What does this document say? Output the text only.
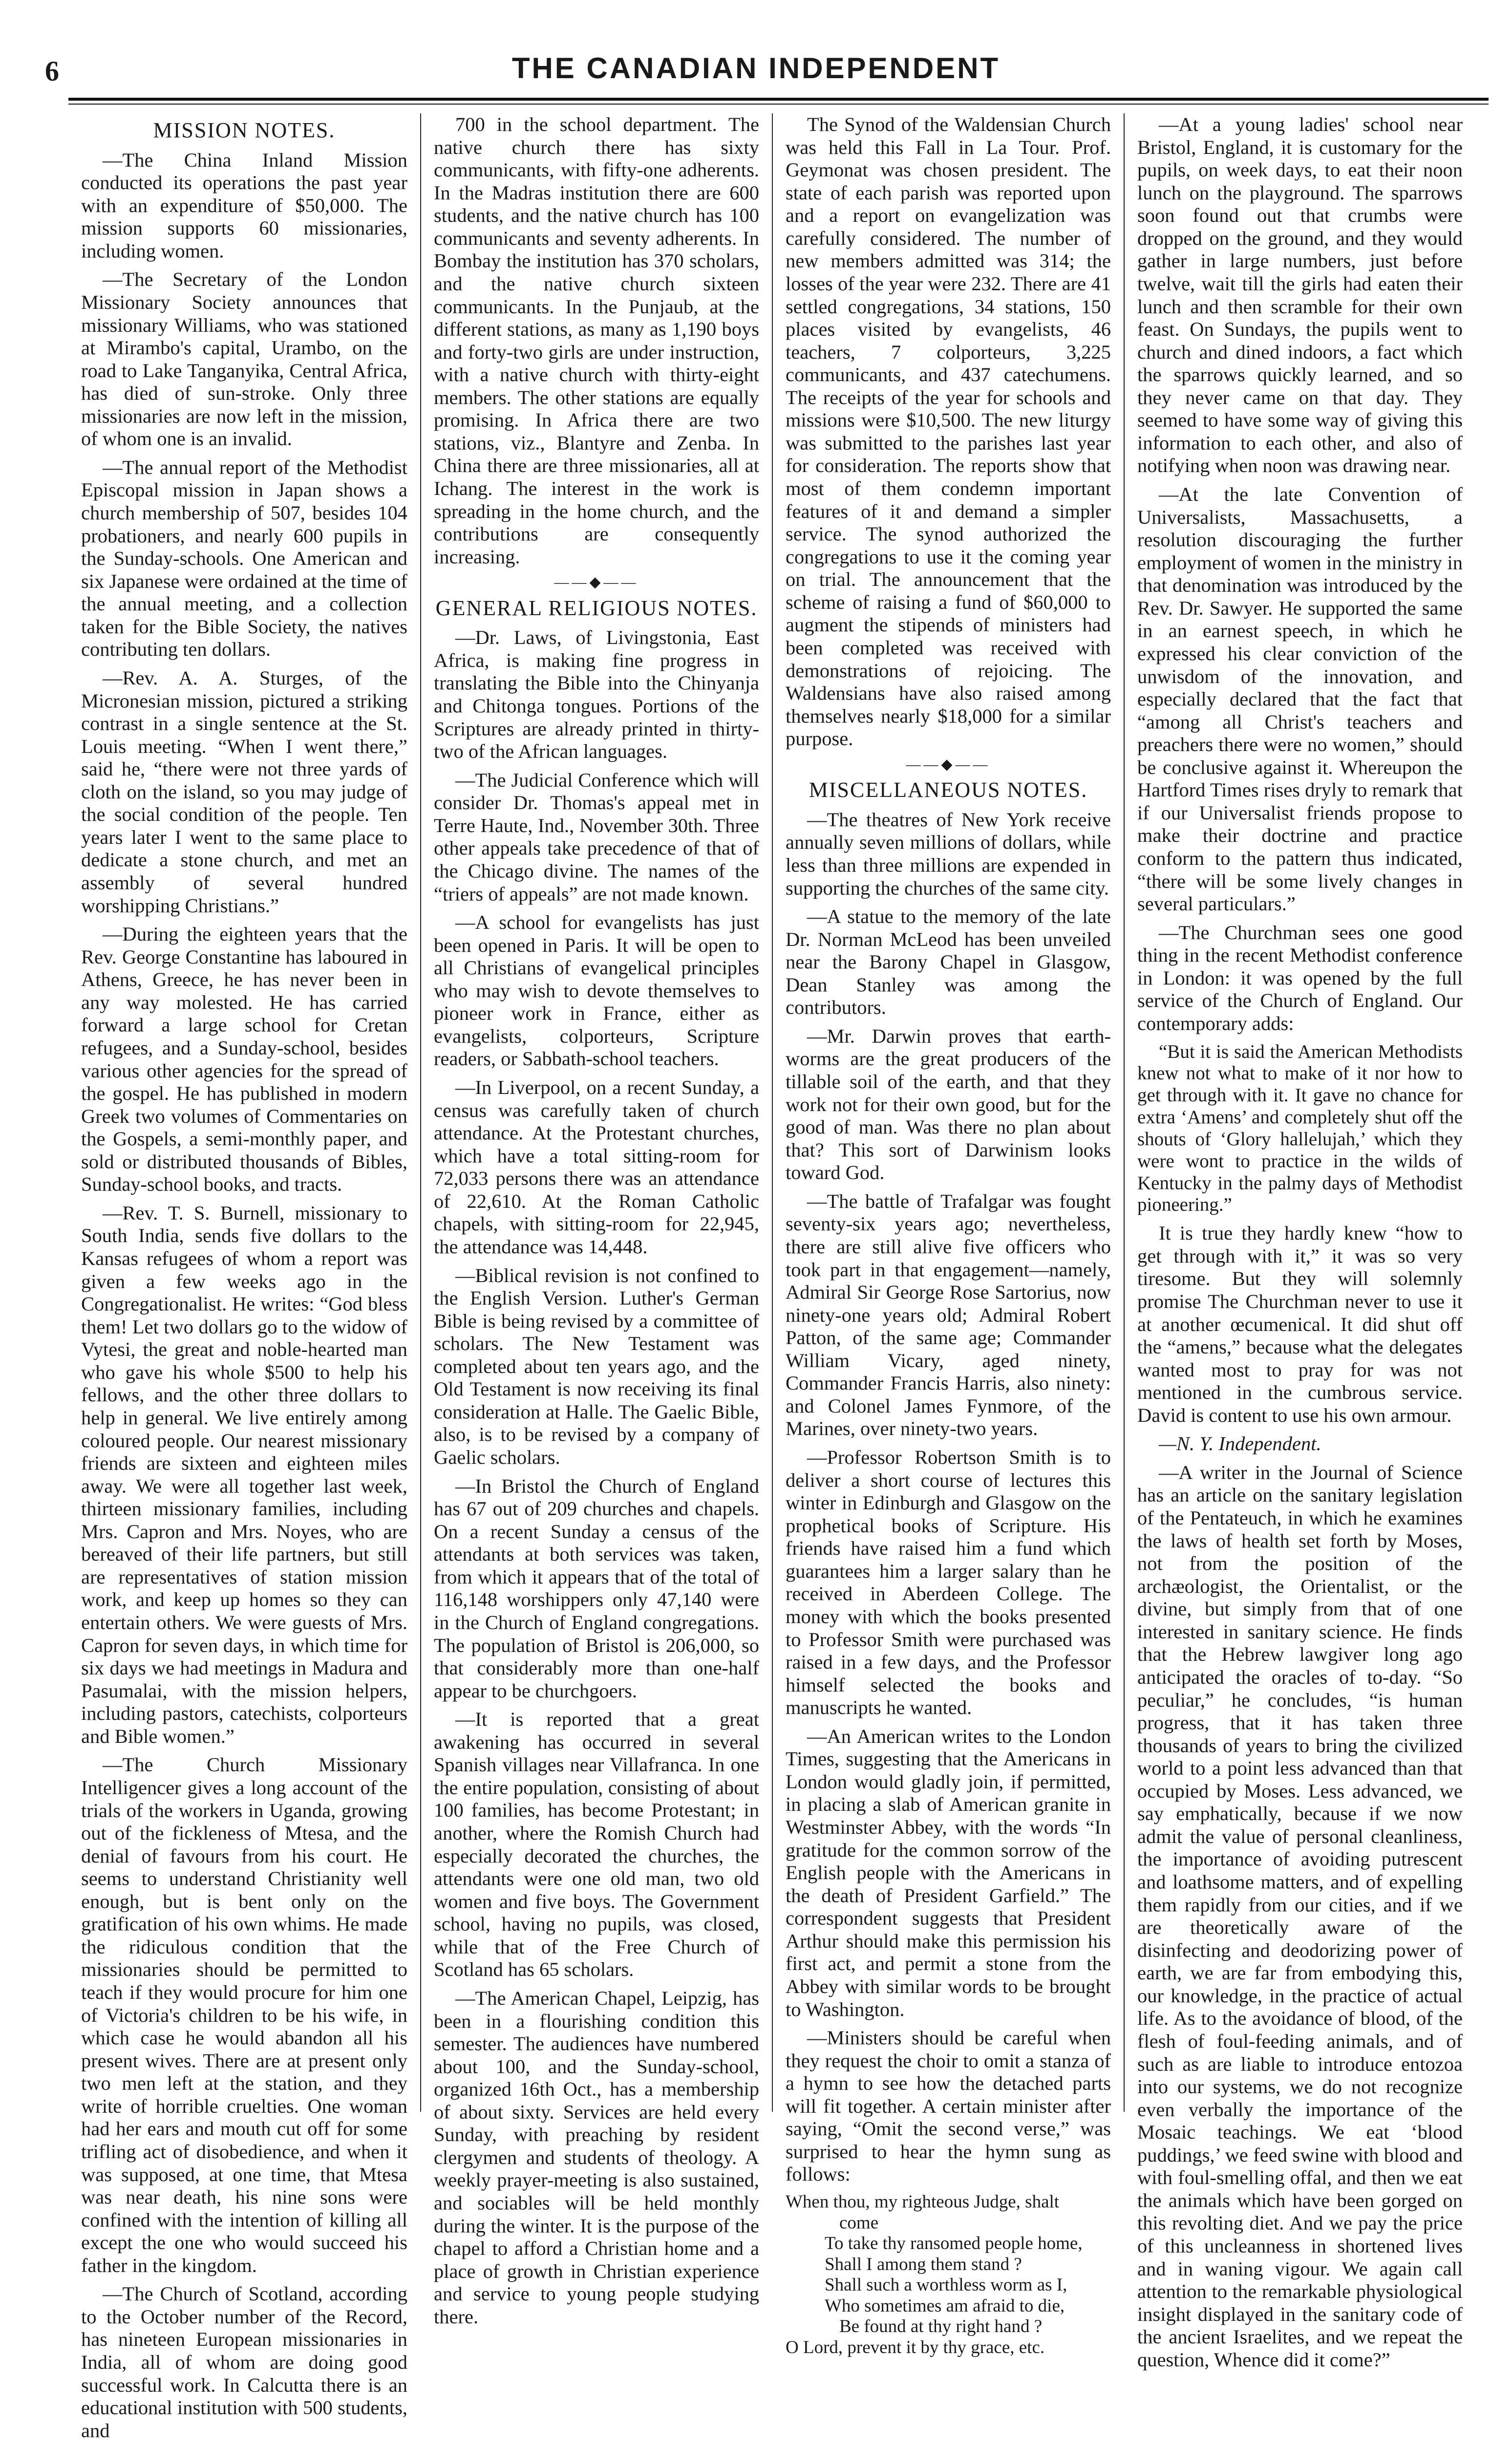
6	THE CANADIAN INDEPENDENT
MISSION NOTES.

—The China Inland Mission conducted its operations the past year with an expenditure of $50,000. The mission supports 60 missionaries, including women.

—The Secretary of the London Missionary Society announces that missionary Williams, who was stationed at Mirambo's capital, Urambo, on the road to Lake Tanganyika, Central Africa, has died of sun-stroke. Only three missionaries are now left in the mission, of whom one is an invalid.

—The annual report of the Methodist Episcopal mission in Japan shows a church membership of 507, besides 104 probationers, and nearly 600 pupils in the Sunday-schools. One American and six Japanese were ordained at the time of the annual meeting, and a collection taken for the Bible Society, the natives contributing ten dollars.

—Rev. A. A. Sturges, of the Micronesian mission, pictured a striking contrast in a single sentence at the St. Louis meeting. “When I went there,” said he, “there were not three yards of cloth on the island, so you may judge of the social condition of the people. Ten years later I went to the same place to dedicate a stone church, and met an assembly of several hundred worshipping Christians.”

—During the eighteen years that the Rev. George Constantine has laboured in Athens, Greece, he has never been in any way molested. He has carried forward a large school for Cretan refugees, and a Sunday-school, besides various other agencies for the spread of the gospel. He has published in modern Greek two volumes of Commentaries on the Gospels, a semi-monthly paper, and sold or distributed thousands of Bibles, Sunday-school books, and tracts.

—Rev. T. S. Burnell, missionary to South India, sends five dollars to the Kansas refugees of whom a report was given a few weeks ago in the Congregationalist. He writes: “God bless them! Let two dollars go to the widow of Vytesi, the great and noble-hearted man who gave his whole $500 to help his fellows, and the other three dollars to help in general. We live entirely among coloured people. Our nearest missionary friends are sixteen and eighteen miles away. We were all together last week, thirteen missionary families, including Mrs. Capron and Mrs. Noyes, who are bereaved of their life partners, but still are representatives of station mission work, and keep up homes so they can entertain others. We were guests of Mrs. Capron for seven days, in which time for six days we had meetings in Madura and Pasumalai, with the mission helpers, including pastors, catechists, colporteurs and Bible women.”

—The Church Missionary Intelligencer gives a long account of the trials of the workers in Uganda, growing out of the fickleness of Mtesa, and the denial of favours from his court. He seems to understand Christianity well enough, but is bent only on the gratification of his own whims. He made the ridiculous condition that the missionaries should be permitted to teach if they would procure for him one of Victoria's children to be his wife, in which case he would abandon all his present wives. There are at present only two men left at the station, and they write of horrible cruelties. One woman had her ears and mouth cut off for some trifling act of disobedience, and when it was supposed, at one time, that Mtesa was near death, his nine sons were confined with the intention of killing all except the one who would succeed his father in the kingdom.

—The Church of Scotland, according to the October number of the Record, has nineteen European missionaries in India, all of whom are doing good successful work. In Calcutta there is an educational institution with 500 students, and

700 in the school department. The native church there has sixty communicants, with fifty-one adherents. In the Madras institution there are 600 students, and the native church has 100 communicants and seventy adherents. In Bombay the institution has 370 scholars, and the native church sixteen communicants. In the Punjaub, at the different stations, as many as 1,190 boys and forty-two girls are under instruction, with a native church with thirty-eight members. The other stations are equally promising. In Africa there are two stations, viz., Blantyre and Zenba. In China there are three missionaries, all at Ichang. The interest in the work is spreading in the home church, and the contributions are consequently increasing.

——◆——
GENERAL RELIGIOUS NOTES.

—Dr. Laws, of Livingstonia, East Africa, is making fine progress in translating the Bible into the Chinyanja and Chitonga tongues. Portions of the Scriptures are already printed in thirty-two of the African languages.

—The Judicial Conference which will consider Dr. Thomas's appeal met in Terre Haute, Ind., November 30th. Three other appeals take precedence of that of the Chicago divine. The names of the “triers of appeals” are not made known.

—A school for evangelists has just been opened in Paris. It will be open to all Christians of evangelical principles who may wish to devote themselves to pioneer work in France, either as evangelists, colporteurs, Scripture readers, or Sabbath-school teachers.

—In Liverpool, on a recent Sunday, a census was carefully taken of church attendance. At the Protestant churches, which have a total sitting-room for 72,033 persons there was an attendance of 22,610. At the Roman Catholic chapels, with sitting-room for 22,945, the attendance was 14,448.

—Biblical revision is not confined to the English Version. Luther's German Bible is being revised by a committee of scholars. The New Testament was completed about ten years ago, and the Old Testament is now receiving its final consideration at Halle. The Gaelic Bible, also, is to be revised by a company of Gaelic scholars.

—In Bristol the Church of England has 67 out of 209 churches and chapels. On a recent Sunday a census of the attendants at both services was taken, from which it appears that of the total of 116,148 worshippers only 47,140 were in the Church of England congregations. The population of Bristol is 206,000, so that considerably more than one-half appear to be churchgoers.

—It is reported that a great awakening has occurred in several Spanish villages near Villafranca. In one the entire population, consisting of about 100 families, has become Protestant; in another, where the Romish Church had especially decorated the churches, the attendants were one old man, two old women and five boys. The Government school, having no pupils, was closed, while that of the Free Church of Scotland has 65 scholars.

—The American Chapel, Leipzig, has been in a flourishing condition this semester. The audiences have numbered about 100, and the Sunday-school, organized 16th Oct., has a membership of about sixty. Services are held every Sunday, with preaching by resident clergymen and students of theology. A weekly prayer-meeting is also sustained, and sociables will be held monthly during the winter. It is the purpose of the chapel to afford a Christian home and a place of growth in Christian experience and service to young people studying there.

The Synod of the Waldensian Church was held this Fall in La Tour. Prof. Geymonat was chosen president. The state of each parish was reported upon and a report on evangelization was carefully considered. The number of new members admitted was 314; the losses of the year were 232. There are 41 settled congregations, 34 stations, 150 places visited by evangelists, 46 teachers, 7 colporteurs, 3,225 communicants, and 437 catechumens. The receipts of the year for schools and missions were $10,500. The new liturgy was submitted to the parishes last year for consideration. The reports show that most of them condemn important features of it and demand a simpler service. The synod authorized the congregations to use it the coming year on trial. The announcement that the scheme of raising a fund of $60,000 to augment the stipends of ministers had been completed was received with demonstrations of rejoicing. The Waldensians have also raised among themselves nearly $18,000 for a similar purpose.

——◆——
MISCELLANEOUS NOTES.

—The theatres of New York receive annually seven millions of dollars, while less than three millions are expended in supporting the churches of the same city.

—A statue to the memory of the late Dr. Norman McLeod has been unveiled near the Barony Chapel in Glasgow, Dean Stanley was among the contributors.

—Mr. Darwin proves that earth-worms are the great producers of the tillable soil of the earth, and that they work not for their own good, but for the good of man. Was there no plan about that? This sort of Darwinism looks toward God.

—The battle of Trafalgar was fought seventy-six years ago; nevertheless, there are still alive five officers who took part in that engagement—namely, Admiral Sir George Rose Sartorius, now ninety-one years old; Admiral Robert Patton, of the same age; Commander William Vicary, aged ninety, Commander Francis Harris, also ninety: and Colonel James Fynmore, of the Marines, over ninety-two years.

—Professor Robertson Smith is to deliver a short course of lectures this winter in Edinburgh and Glasgow on the prophetical books of Scripture. His friends have raised him a fund which guarantees him a larger salary than he received in Aberdeen College. The money with which the books presented to Professor Smith were purchased was raised in a few days, and the Professor himself selected the books and manuscripts he wanted.

—An American writes to the London Times, suggesting that the Americans in London would gladly join, if permitted, in placing a slab of American granite in Westminster Abbey, with the words “In gratitude for the common sorrow of the English people with the Americans in the death of President Garfield.” The correspondent suggests that President Arthur should make this permission his first act, and permit a stone from the Abbey with similar words to be brought to Washington.

—Ministers should be careful when they request the choir to omit a stanza of a hymn to see how the detached parts will fit together. A certain minister after saying, “Omit the second verse,” was surprised to hear the hymn sung as follows:

When thou, my righteous Judge, shalt
come
To take thy ransomed people home,
Shall I among them stand ?
Shall such a worthless worm as I,
Who sometimes am afraid to die,
Be found at thy right hand ?
O Lord, prevent it by thy grace, etc.

—At a young ladies' school near Bristol, England, it is customary for the pupils, on week days, to eat their noon lunch on the playground. The sparrows soon found out that crumbs were dropped on the ground, and they would gather in large numbers, just before twelve, wait till the girls had eaten their lunch and then scramble for their own feast. On Sundays, the pupils went to church and dined indoors, a fact which the sparrows quickly learned, and so they never came on that day. They seemed to have some way of giving this information to each other, and also of notifying when noon was drawing near.

—At the late Convention of Universalists, Massachusetts, a resolution discouraging the further employment of women in the ministry in that denomination was introduced by the Rev. Dr. Sawyer. He supported the same in an earnest speech, in which he expressed his clear conviction of the unwisdom of the innovation, and especially declared that the fact that “among all Christ's teachers and preachers there were no women,” should be conclusive against it. Whereupon the Hartford Times rises dryly to remark that if our Universalist friends propose to make their doctrine and practice conform to the pattern thus indicated, “there will be some lively changes in several particulars.”

—The Churchman sees one good thing in the recent Methodist conference in London: it was opened by the full service of the Church of England. Our contemporary adds:

“But it is said the American Methodists knew not what to make of it nor how to get through with it. It gave no chance for extra ‘Amens’ and completely shut off the shouts of ‘Glory hallelujah,’ which they were wont to practice in the wilds of Kentucky in the palmy days of Methodist pioneering.”

It is true they hardly knew “how to get through with it,” it was so very tiresome. But they will solemnly promise The Churchman never to use it at another œcumenical. It did shut off the “amens,” because what the delegates wanted most to pray for was not mentioned in the cumbrous service. David is content to use his own armour.

—N. Y. Independent.

—A writer in the Journal of Science has an article on the sanitary legislation of the Pentateuch, in which he examines the laws of health set forth by Moses, not from the position of the archæologist, the Orientalist, or the divine, but simply from that of one interested in sanitary science. He finds that the Hebrew lawgiver long ago anticipated the oracles of to-day. “So peculiar,” he concludes, “is human progress, that it has taken three thousands of years to bring the civilized world to a point less advanced than that occupied by Moses. Less advanced, we say emphatically, because if we now admit the value of personal cleanliness, the importance of avoiding putrescent and loathsome matters, and of expelling them rapidly from our cities, and if we are theoretically aware of the disinfecting and deodorizing power of earth, we are far from embodying this, our knowledge, in the practice of actual life. As to the avoidance of blood, of the flesh of foul-feeding animals, and of such as are liable to introduce entozoa into our systems, we do not recognize even verbally the importance of the Mosaic teachings. We eat ‘blood puddings,’ we feed swine with blood and with foul-smelling offal, and then we eat the animals which have been gorged on this revolting diet. And we pay the price of this uncleanness in shortened lives and in waning vigour. We again call attention to the remarkable physiological insight displayed in the sanitary code of the ancient Israelites, and we repeat the question, Whence did it come?”
